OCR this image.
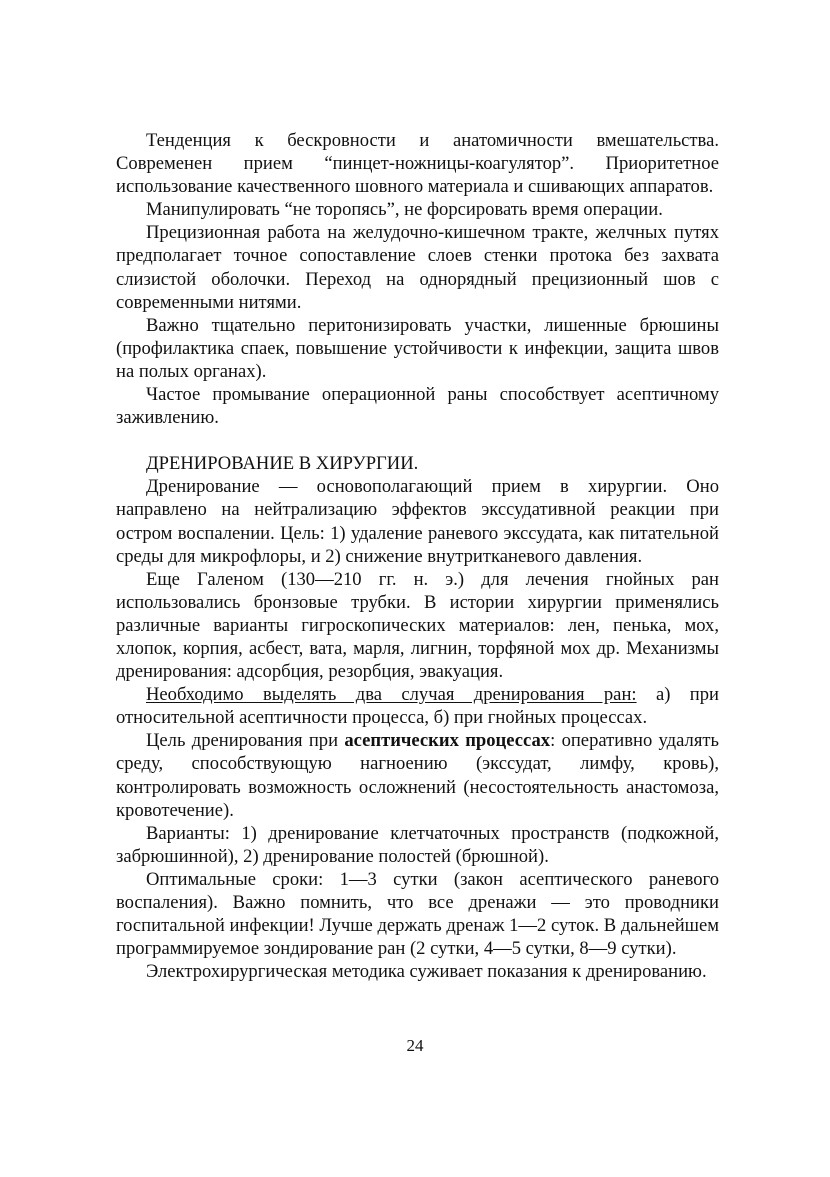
Тенденция к бескровности и анатомичности вмешательства. Современен прием “пинцет-ножницы-коагулятор”. Приоритетное использование качественного шовного материала и сшивающих аппаратов.

Манипулировать “не торопясь”, не форсировать время операции.

Прецизионная работа на желудочно-кишечном тракте, желчных путях предполагает точное сопоставление слоев стенки протока без захвата слизистой оболочки. Переход на однорядный прецизионный шов с современными нитями.

Важно тщательно перитонизировать участки, лишенные брюшины (профилактика спаек, повышение устойчивости к инфекции, защита швов на полых органах).

Частое промывание операционной раны способствует асептичному заживлению.

ДРЕНИРОВАНИЕ В ХИРУРГИИ.

Дренирование — основополагающий прием в хирургии. Оно направлено на нейтрализацию эффектов экссудативной реакции при остром воспалении. Цель: 1) удаление раневого экссудата, как питательной среды для микрофлоры, и 2) снижение внутритканевого давления.

Еще Галеном (130—210 гг. н. э.) для лечения гнойных ран использовались бронзовые трубки. В истории хирургии применялись различные варианты гигроскопических материалов: лен, пенька, мох, хлопок, корпия, асбест, вата, марля, лигнин, торфяной мох др. Механизмы дренирования: адсорбция, резорбция, эвакуация.

Необходимо выделять два случая дренирования ран: а) при относительной асептичности процесса, б) при гнойных процессах.

Цель дренирования при асептических процессах: оперативно удалять среду, способствующую нагноению (экссудат, лимфу, кровь), контролировать возможность осложнений (несостоятельность анастомоза, кровотечение).

Варианты: 1) дренирование клетчаточных пространств (подкожной, забрюшинной), 2) дренирование полостей (брюшной).

Оптимальные сроки: 1—3 сутки (закон асептического раневого воспаления). Важно помнить, что все дренажи — это проводники госпитальной инфекции! Лучше держать дренаж 1—2 суток. В дальнейшем программируемое зондирование ран (2 сутки, 4—5 сутки, 8—9 сутки).

Электрохирургическая методика суживает показания к дренированию.

24
